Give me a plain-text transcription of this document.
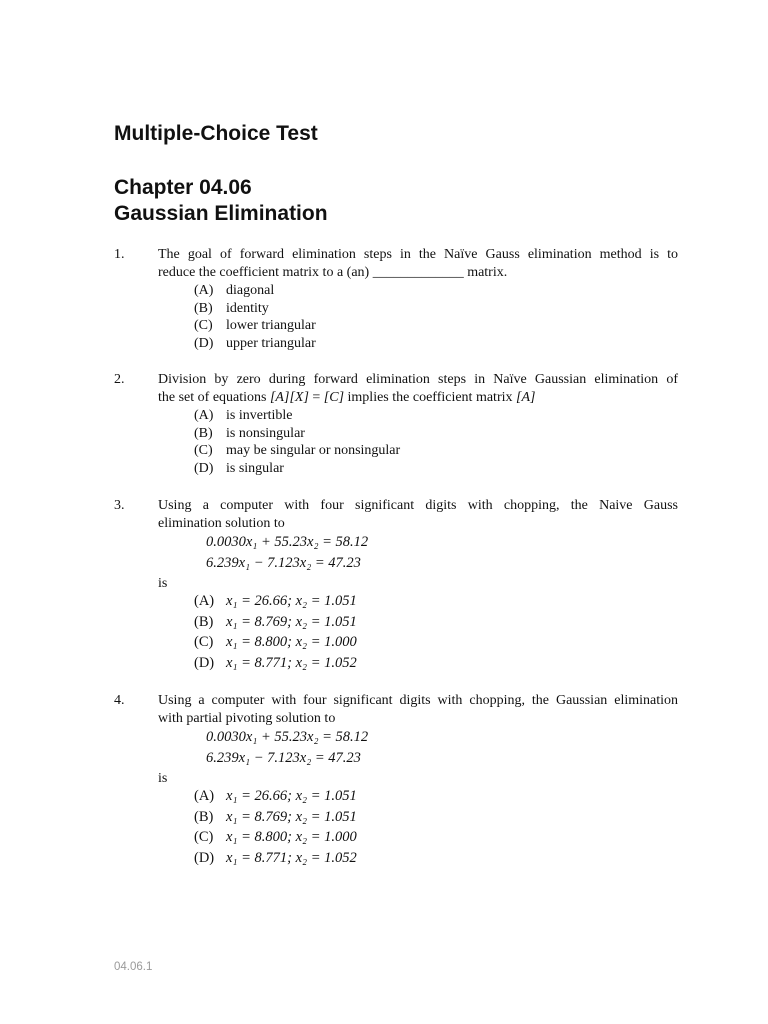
Multiple-Choice Test
Chapter 04.06
Gaussian Elimination
1. The goal of forward elimination steps in the Naïve Gauss elimination method is to
reduce the coefficient matrix to a (an) _____________ matrix.
(A) diagonal
(B) identity
(C) lower triangular
(D) upper triangular
2. Division by zero during forward elimination steps in Naïve Gaussian elimination of
the set of equations [A][X] = [C] implies the coefficient matrix [A]
(A) is invertible
(B) is nonsingular
(C) may be singular or nonsingular
(D) is singular
3. Using a computer with four significant digits with chopping, the Naive Gauss
elimination solution to
0.0030x₁ + 55.23x₂ = 58.12
6.239x₁ − 7.123x₂ = 47.23
is
(A) x₁ = 26.66; x₂ = 1.051
(B) x₁ = 8.769; x₂ = 1.051
(C) x₁ = 8.800; x₂ = 1.000
(D) x₁ = 8.771; x₂ = 1.052
4. Using a computer with four significant digits with chopping, the Gaussian elimination
with partial pivoting solution to
0.0030x₁ + 55.23x₂ = 58.12
6.239x₁ − 7.123x₂ = 47.23
is
(A) x₁ = 26.66; x₂ = 1.051
(B) x₁ = 8.769; x₂ = 1.051
(C) x₁ = 8.800; x₂ = 1.000
(D) x₁ = 8.771; x₂ = 1.052
04.06.1
